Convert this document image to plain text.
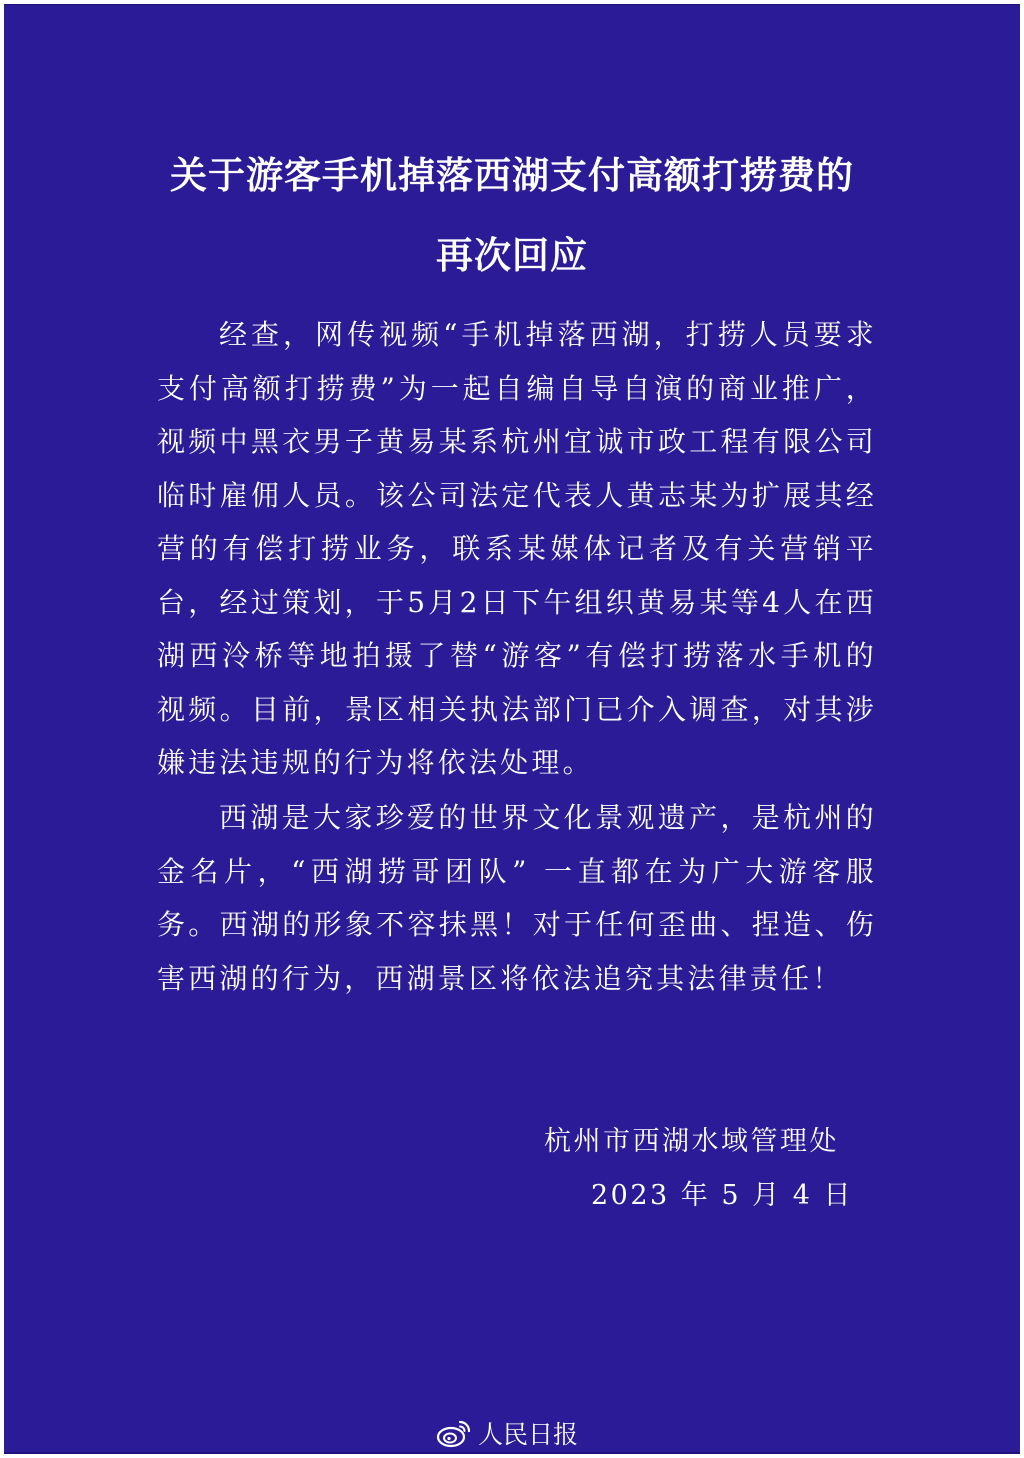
关于游客手机掉落西湖支付高额打捞费的
再次回应

经查，网传视频“手机掉落西湖，打捞人员要求支付高额打捞费”为一起自编自导自演的商业推广，视频中黑衣男子黄易某系杭州宜诚市政工程有限公司临时雇佣人员。该公司法定代表人黄志某为扩展其经营的有偿打捞业务，联系某媒体记者及有关营销平台，经过策划，于5月2日下午组织黄易某等4人在西湖西泠桥等地拍摄了替“游客”有偿打捞落水手机的视频。目前，景区相关执法部门已介入调查，对其涉嫌违法违规的行为将依法处理。

西湖是大家珍爱的世界文化景观遗产，是杭州的金名片，“西湖捞哥团队” 一直都在为广大游客服务。西湖的形象不容抹黑！对于任何歪曲、捏造、伤害西湖的行为，西湖景区将依法追究其法律责任！

杭州市西湖水域管理处
2023 年 5 月 4 日
人民日报
